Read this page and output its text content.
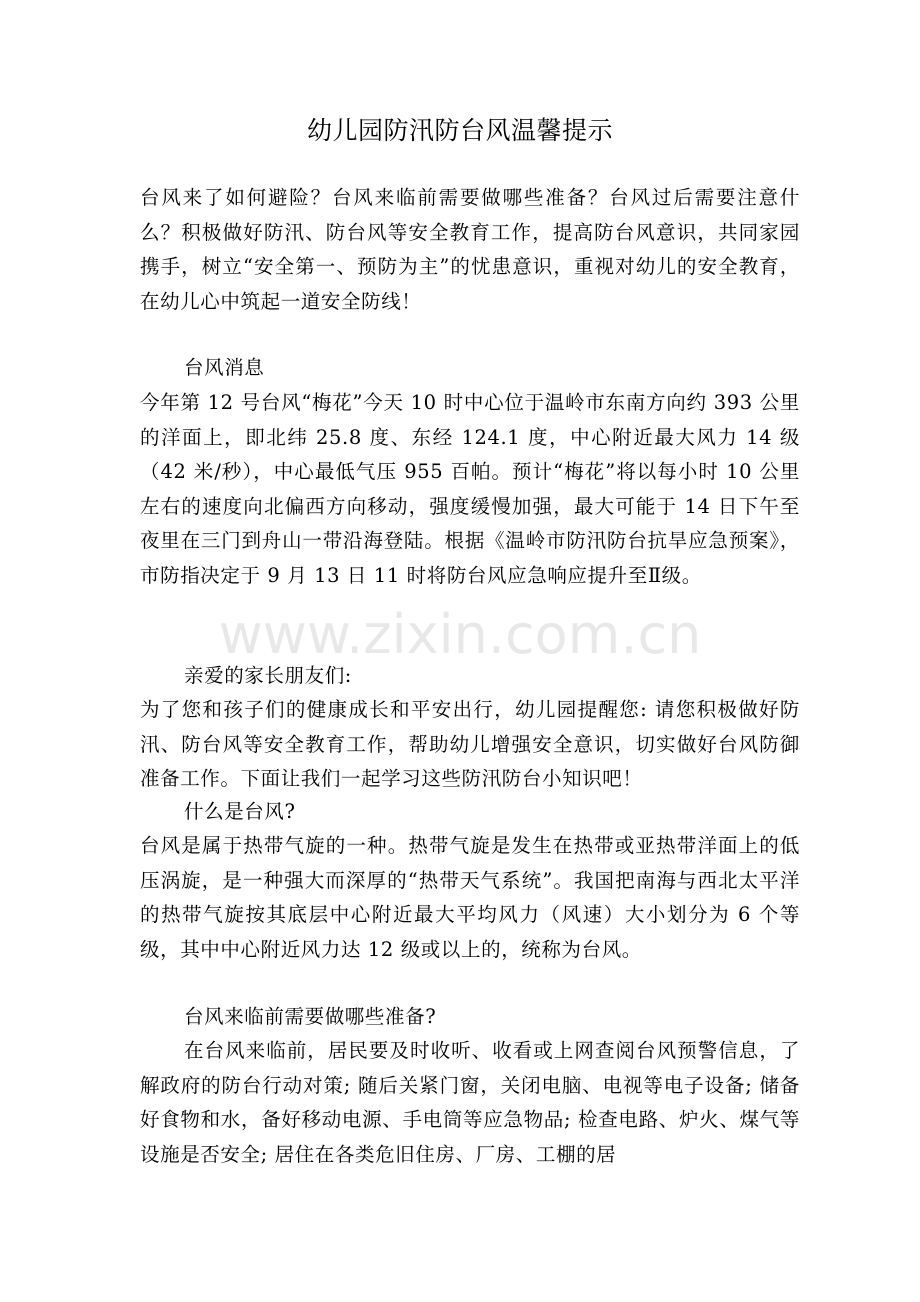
幼儿园防汛防台风温馨提示

台风来了如何避险？台风来临前需要做哪些准备？台风过后需要注意什么？积极做好防汛、防台风等安全教育工作，提高防台风意识，共同家园携手，树立“安全第一、预防为主”的忧患意识，重视对幼儿的安全教育，在幼儿心中筑起一道安全防线！

台风消息

今年第 12 号台风“梅花”今天 10 时中心位于温岭市东南方向约 393 公里的洋面上，即北纬 25.8 度、东经 124.1 度，中心附近最大风力 14 级（42 米/秒），中心最低气压 955 百帕。预计“梅花”将以每小时 10 公里左右的速度向北偏西方向移动，强度缓慢加强，最大可能于 14 日下午至夜里在三门到舟山一带沿海登陆。根据《温岭市防汛防台抗旱应急预案》，市防指决定于 9 月 13 日 11 时将防台风应急响应提升至Ⅱ级。

亲爱的家长朋友们:

为了您和孩子们的健康成长和平安出行，幼儿园提醒您: 请您积极做好防汛、防台风等安全教育工作，帮助幼儿增强安全意识，切实做好台风防御准备工作。下面让我们一起学习这些防汛防台小知识吧！

什么是台风?

台风是属于热带气旋的一种。热带气旋是发生在热带或亚热带洋面上的低压涡旋，是一种强大而深厚的“热带天气系统”。我国把南海与西北太平洋的热带气旋按其底层中心附近最大平均风力（风速）大小划分为 6 个等级，其中中心附近风力达 12 级或以上的，统称为台风。

台风来临前需要做哪些准备?

在台风来临前，居民要及时收听、收看或上网查阅台风预警信息，了解政府的防台行动对策; 随后关紧门窗，关闭电脑、电视等电子设备; 储备好食物和水，备好移动电源、手电筒等应急物品; 检查电路、炉火、煤气等设施是否安全; 居住在各类危旧住房、厂房、工棚的居

www.zixin.com.cn
